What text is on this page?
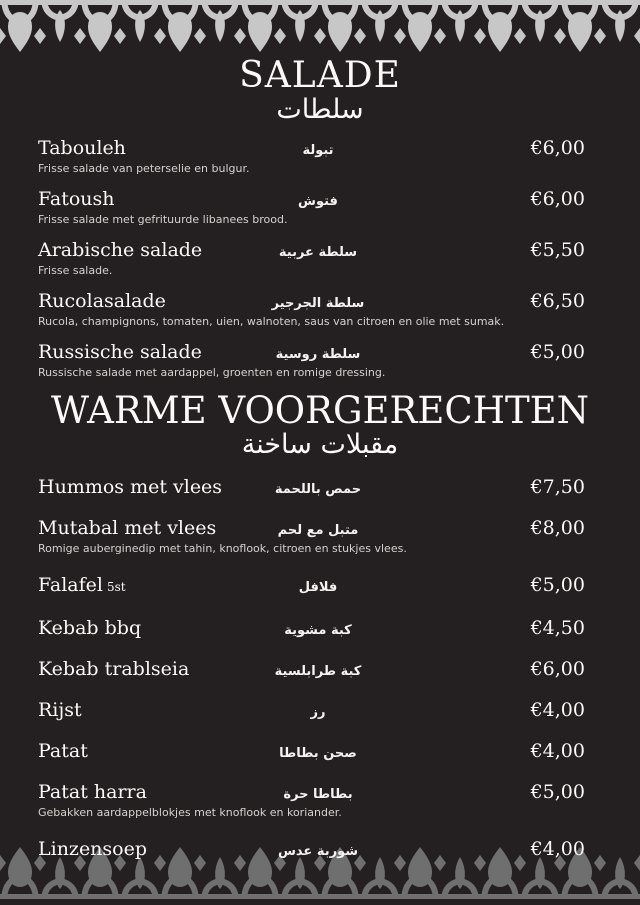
SALADE
سلطات
Tabouleh	تبولة	€6,00
Frisse salade van peterselie en bulgur.
Fatoush	فتوش	€6,00
Frisse salade met gefrituurde libanees brood.
Arabische salade	سلطة عربية	€5,50
Frisse salade.
Rucolasalade	سلطة الجرجير	€6,50
Rucola, champignons, tomaten, uien, walnoten, saus van citroen en olie met sumak.
Russische salade	سلطة روسية	€5,00
Russische salade met aardappel, groenten en romige dressing.
WARME VOORGERECHTEN
مقبلات ساخنة
Hummos met vlees	حمص باللحمة	€7,50
Mutabal met vlees	متبل مع لحم	€8,00
Romige auberginedip met tahin, knoflook, citroen en stukjes vlees.
Falafel 5st	فلافل	€5,00
Kebab bbq	كبة مشوية	€4,50
Kebab trablseia	كبة طرابلسية	€6,00
Rijst	رز	€4,00
Patat	صحن بطاطا	€4,00
Patat harra	بطاطا حرة	€5,00
Gebakken aardappelblokjes met knoflook en koriander.
Linzensoep	شوربة عدس	€4,00
